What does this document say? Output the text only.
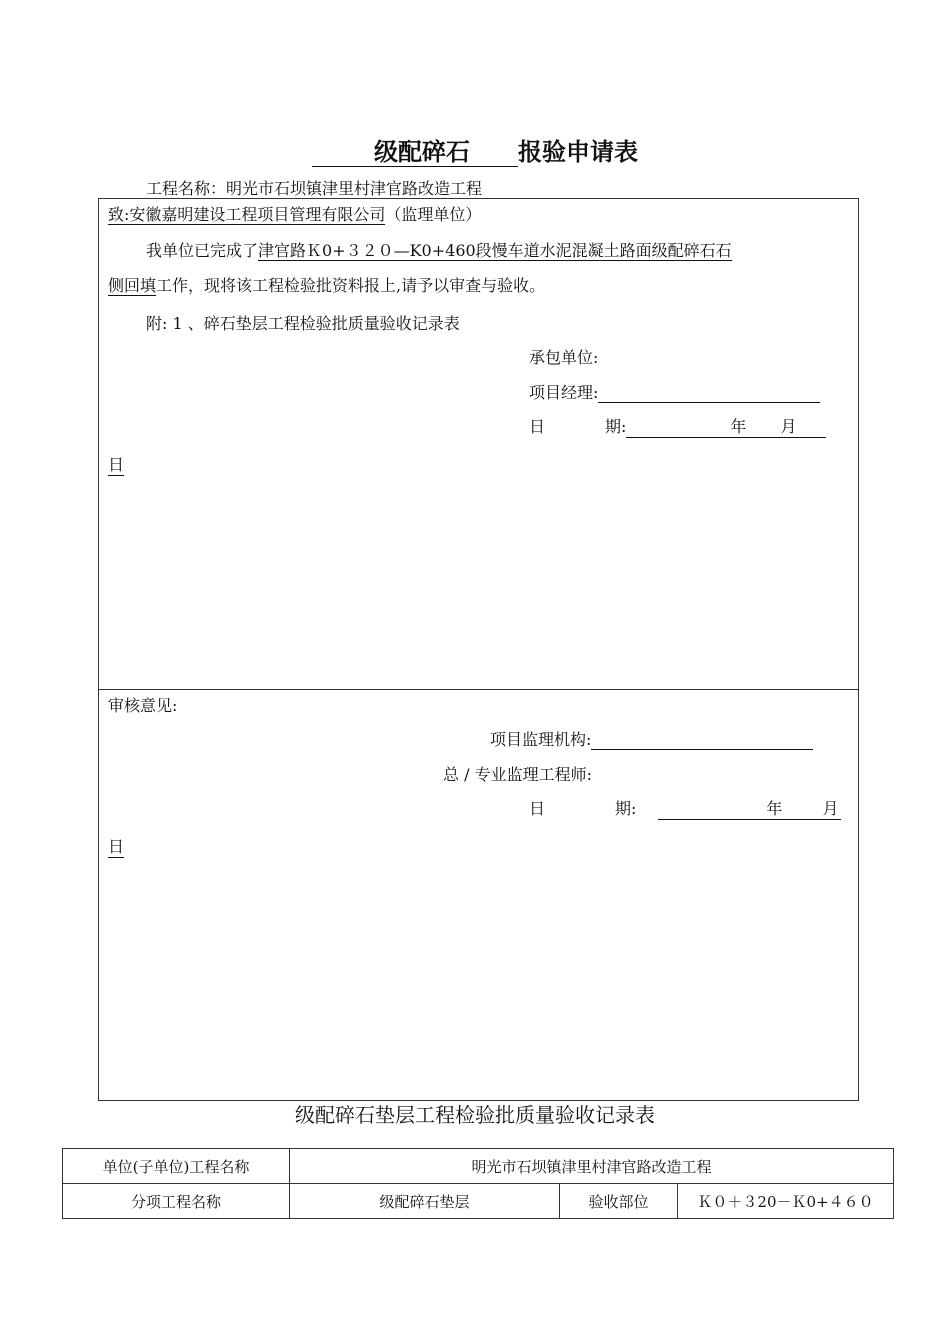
级配碎石 报验申请表
工程名称：明光市石坝镇津里村津官路改造工程
致:安徽嘉明建设工程项目管理有限公司（监理单位）
我单位已完成了津官路Ｋ0+３２０—K0+460段慢车道水泥混凝土路面级配碎石石
侧回填工作，现将该工程检验批资料报上,请予以审查与验收。
附: 1 、碎石垫层工程检验批质量验收记录表
承包单位:
项目经理:
日	期:	年 月
日
审核意见:
项目监理机构:
总 / 专业监理工程师:
日	期:	年	月
日
级配碎石垫层工程检验批质量验收记录表
单位(子单位)工程名称	明光市石坝镇津里村津官路改造工程		
分项工程名称	级配碎石垫层	验收部位	Ｋ０＋３20－Ｋ0+４６０
